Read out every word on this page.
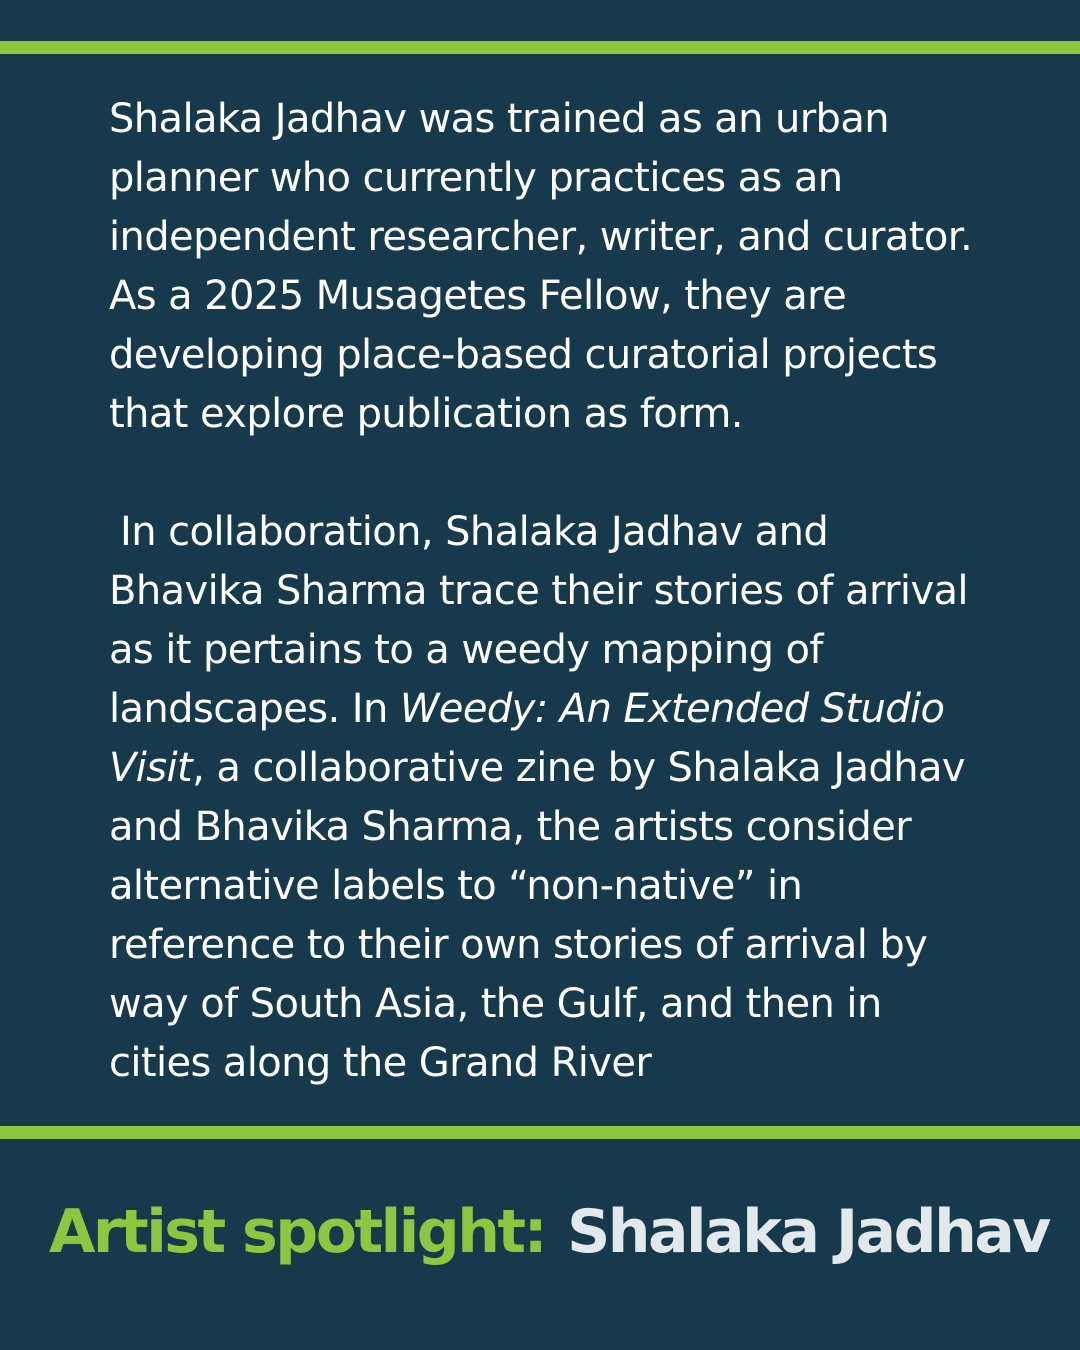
Shalaka Jadhav was trained as an urban
planner who currently practices as an
independent researcher, writer, and curator.
As a 2025 Musagetes Fellow, they are
developing place-based curatorial projects
that explore publication as form.
In collaboration, Shalaka Jadhav and
Bhavika Sharma trace their stories of arrival
as it pertains to a weedy mapping of
landscapes. In Weedy: An Extended Studio
Visit, a collaborative zine by Shalaka Jadhav
and Bhavika Sharma, the artists consider
alternative labels to “non-native” in
reference to their own stories of arrival by
way of South Asia, the Gulf, and then in
cities along the Grand River
Artist spotlight: Shalaka Jadhav
